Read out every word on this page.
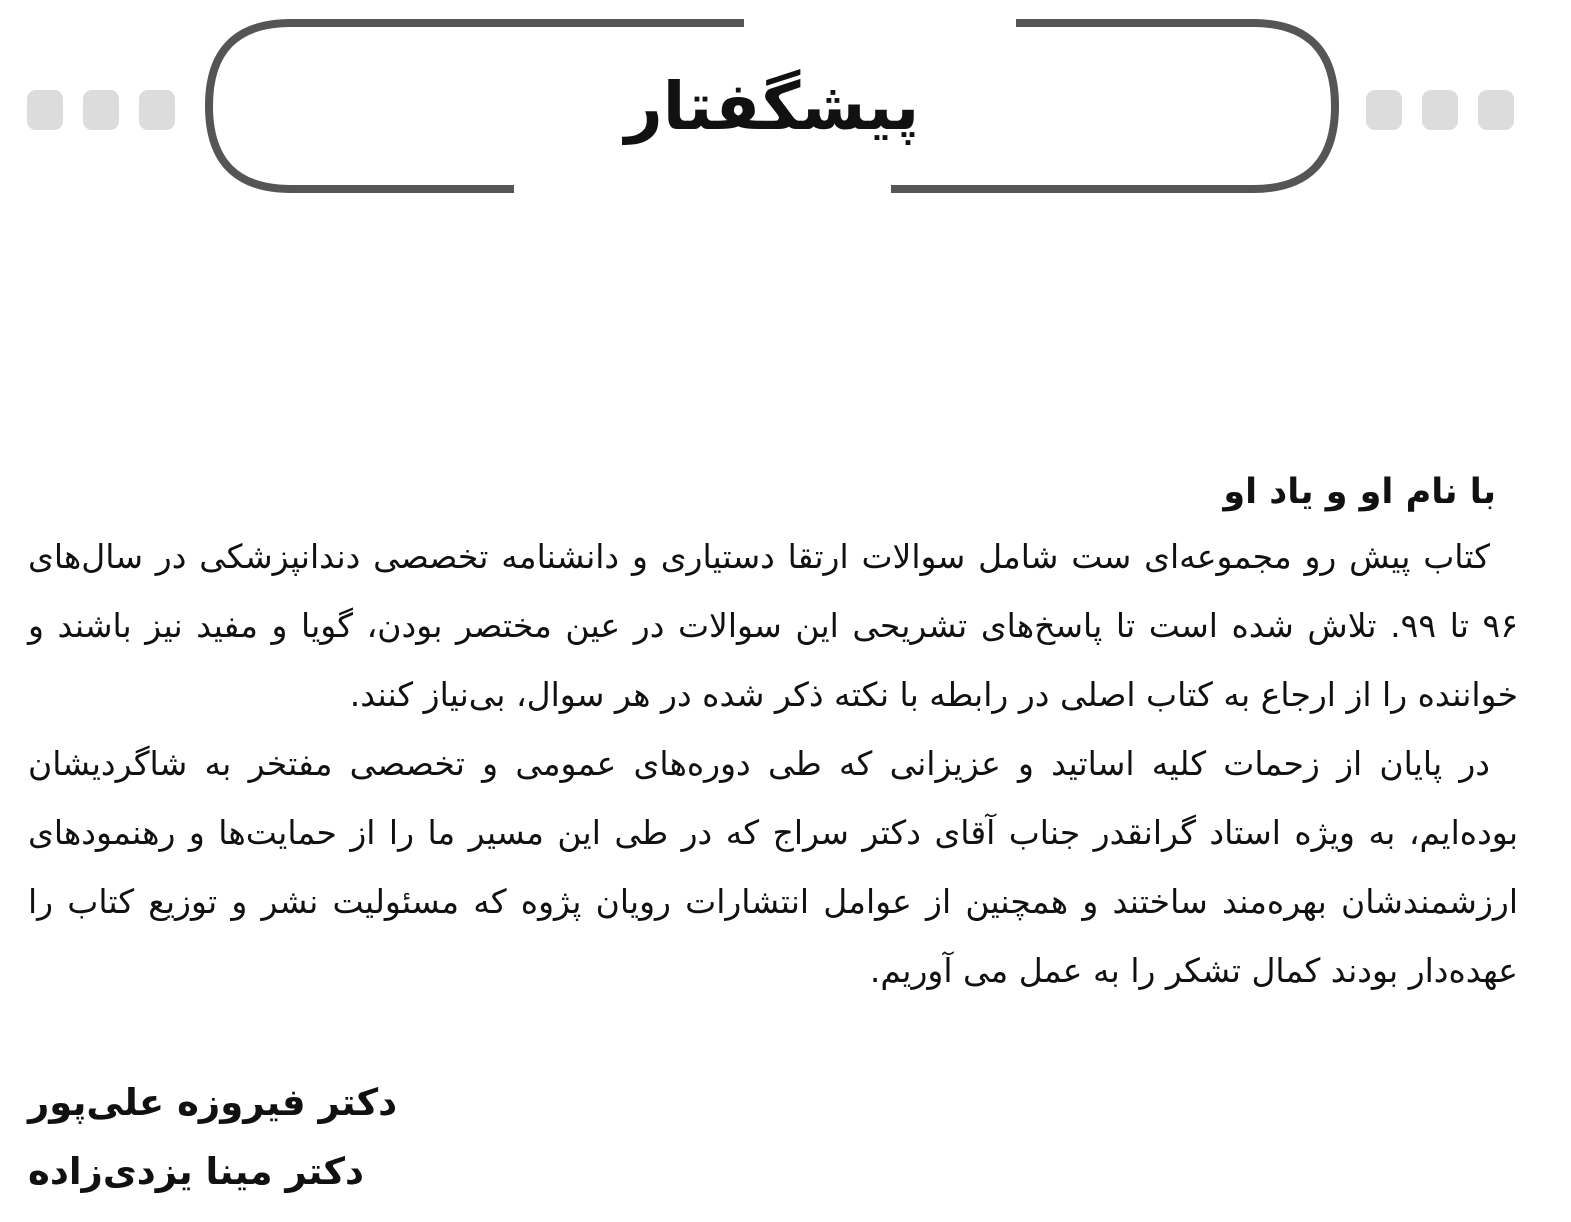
پیشگفتار

با نام او و یاد او

کتاب پیش رو مجموعه‌ای ست شامل سوالات ارتقا دستیاری و دانشنامه تخصصی دندانپزشکی در سال‌های ۹۶ تا ۹۹. تلاش شده است تا پاسخ‌های تشریحی این سوالات در عین مختصر بودن، گویا و مفید نیز باشند و خواننده را از ارجاع به کتاب اصلی در رابطه با نکته ذکر شده در هر سوال، بی‌نیاز کنند.

در پایان از زحمات کلیه اساتید و عزیزانی که طی دوره‌های عمومی و تخصصی مفتخر به شاگردیشان بوده‌ایم، به ویژه استاد گرانقدر جناب آقای دکتر سراج که در طی این مسیر ما را از حمایت‌ها و رهنمودهای ارزشمندشان بهره‌مند ساختند و همچنین از عوامل انتشارات رویان پژوه که مسئولیت نشر و توزیع کتاب را عهده‌دار بودند کمال تشکر را به عمل می آوریم.

دکتر فیروزه علی‌پور

دکتر مینا یزدی‌زاده
